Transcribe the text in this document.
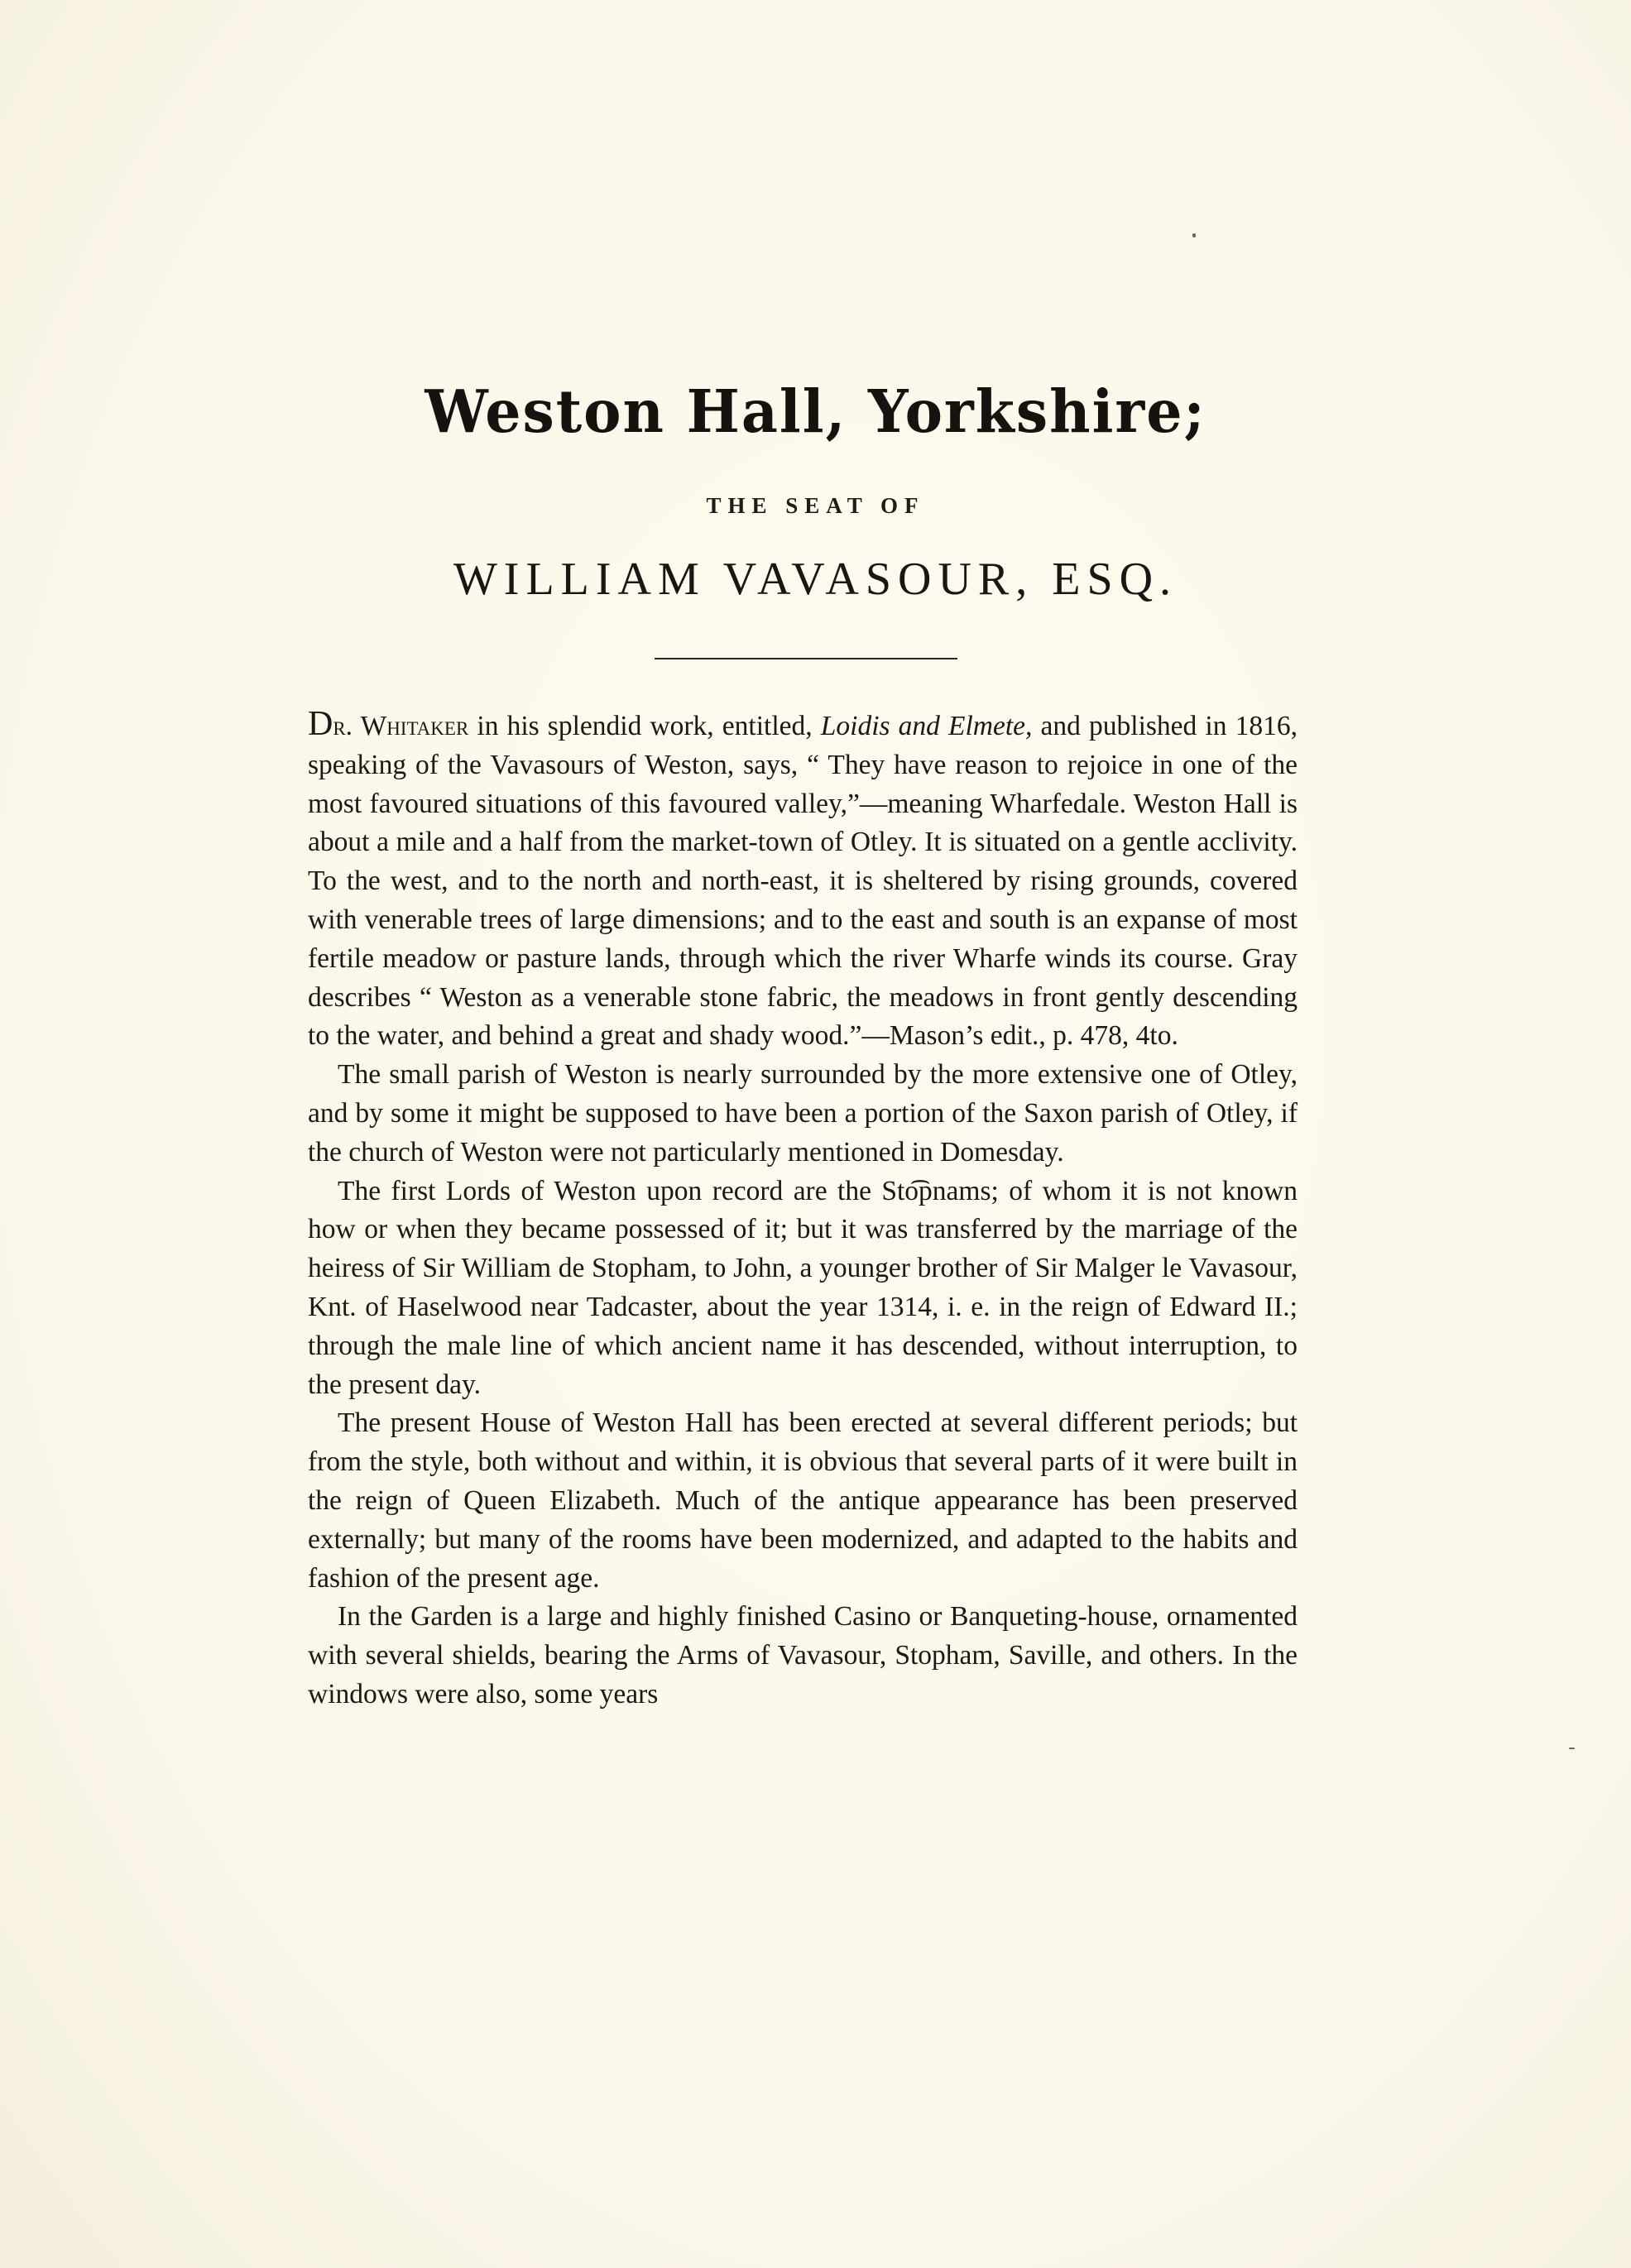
Weston Hall, Yorkshire;
THE SEAT OF
WILLIAM VAVASOUR, ESQ.

Dr. Whitaker in his splendid work, entitled, Loidis and Elmete, and published in 1816, speaking of the Vavasours of Weston, says, “ They have reason to rejoice in one of the most favoured situations of this favoured valley,”—meaning Wharfedale. Weston Hall is about a mile and a half from the market-town of Otley. It is situated on a gentle acclivity. To the west, and to the north and north-east, it is sheltered by rising grounds, covered with venerable trees of large dimensions; and to the east and south is an expanse of most fertile meadow or pasture lands, through which the river Wharfe winds its course. Gray describes “ Weston as a venerable stone fabric, the meadows in front gently descending to the water, and behind a great and shady wood.”—Mason’s edit., p. 478, 4to.

The small parish of Weston is nearly surrounded by the more extensive one of Otley, and by some it might be supposed to have been a portion of the Saxon parish of Otley, if the church of Weston were not particularly mentioned in Domesday.

The first Lords of Weston upon record are the Sto͡pnams; of whom it is not known how or when they became possessed of it; but it was transferred by the marriage of the heiress of Sir William de Stopham, to John, a younger brother of Sir Malger le Vavasour, Knt. of Haselwood near Tadcaster, about the year 1314, i. e. in the reign of Edward II.; through the male line of which ancient name it has descended, without interruption, to the present day.

The present House of Weston Hall has been erected at several different periods; but from the style, both without and within, it is obvious that several parts of it were built in the reign of Queen Elizabeth. Much of the antique appearance has been preserved externally; but many of the rooms have been modernized, and adapted to the habits and fashion of the present age.

In the Garden is a large and highly finished Casino or Banqueting-house, ornamented with several shields, bearing the Arms of Vavasour, Stopham, Saville, and others. In the windows were also, some years
